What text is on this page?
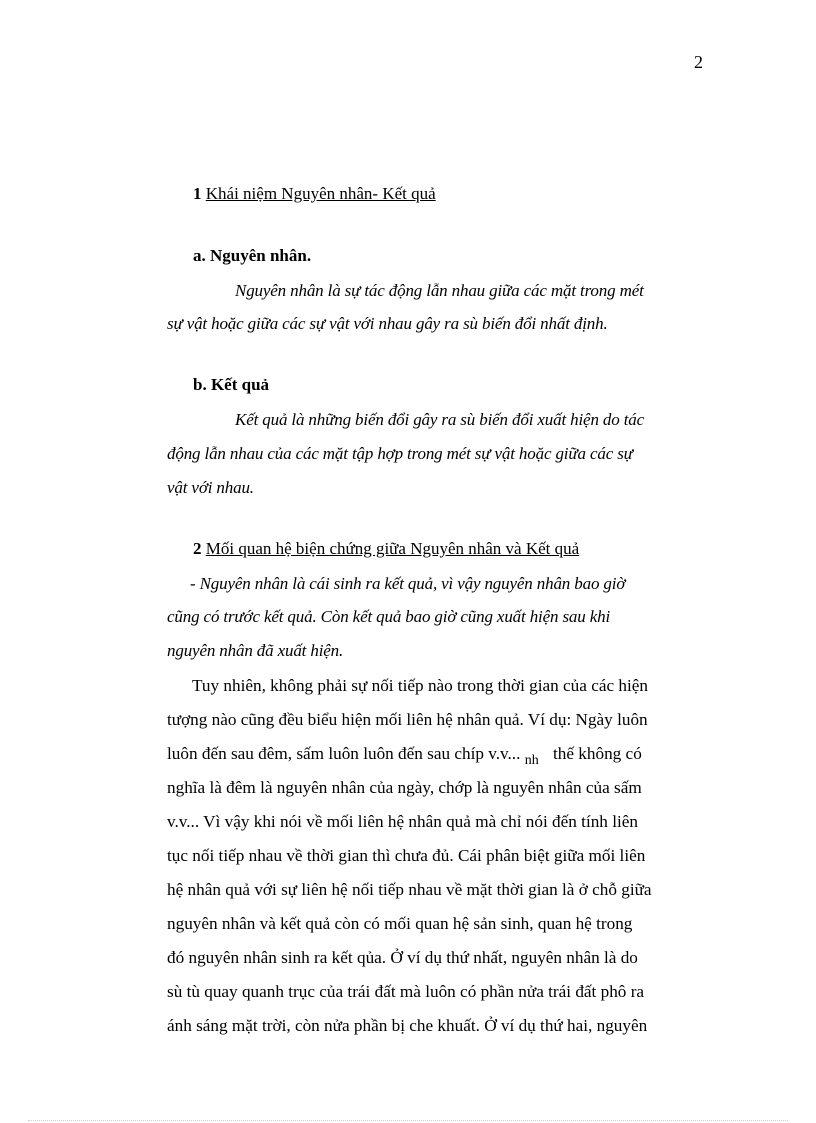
2
1 Khái niệm Nguyên nhân- Kết quả
a. Nguyên nhân.
Nguyên nhân là sự tác động lẫn nhau giữa các mặt trong mét
sự vật hoặc giữa các sự vật với nhau gây ra sù biến đổi nhất định.
b. Kết quả
Kết quả là những biến đổi gây ra sù biến đổi xuất hiện do tác
động lẫn nhau của các mặt tập hợp trong mét sự vật hoặc giữa các sự
vật với nhau.
2 Mối quan hệ biện chứng giữa Nguyên nhân và Kết quả
- Nguyên nhân là cái sinh ra kết quả, vì vậy nguyên nhân bao giờ
cũng có trước kết quả. Còn kết quả bao giờ cũng xuất hiện sau khi
nguyên nhân đã xuất hiện.
Tuy nhiên, không phải sự nối tiếp nào trong thời gian của các hiện
tượng nào cũng đều biểu hiện mối liên hệ nhân quả. Ví dụ: Ngày luôn
luôn đến sau đêm, sấm luôn luôn đến sau chíp v.v... $_{nh}$ thế không có
nghĩa là đêm là nguyên nhân của ngày, chớp là nguyên nhân của sấm
v.v... Vì vậy khi nói về mối liên hệ nhân quả mà chỉ nói đến tính liên
tục nối tiếp nhau về thời gian thì chưa đủ. Cái phân biệt giữa mối liên
hệ nhân quả với sự liên hệ nối tiếp nhau về mặt thời gian là ở chỗ giữa
nguyên nhân và kết quả còn có mối quan hệ sản sinh, quan hệ trong
đó nguyên nhân sinh ra kết qủa. Ở ví dụ thứ nhất, nguyên nhân là do
sù tù quay quanh trục của trái đất mà luôn có phần nửa trái đất phô ra
ánh sáng mặt trời, còn nửa phần bị che khuất. Ở ví dụ thứ hai, nguyên
